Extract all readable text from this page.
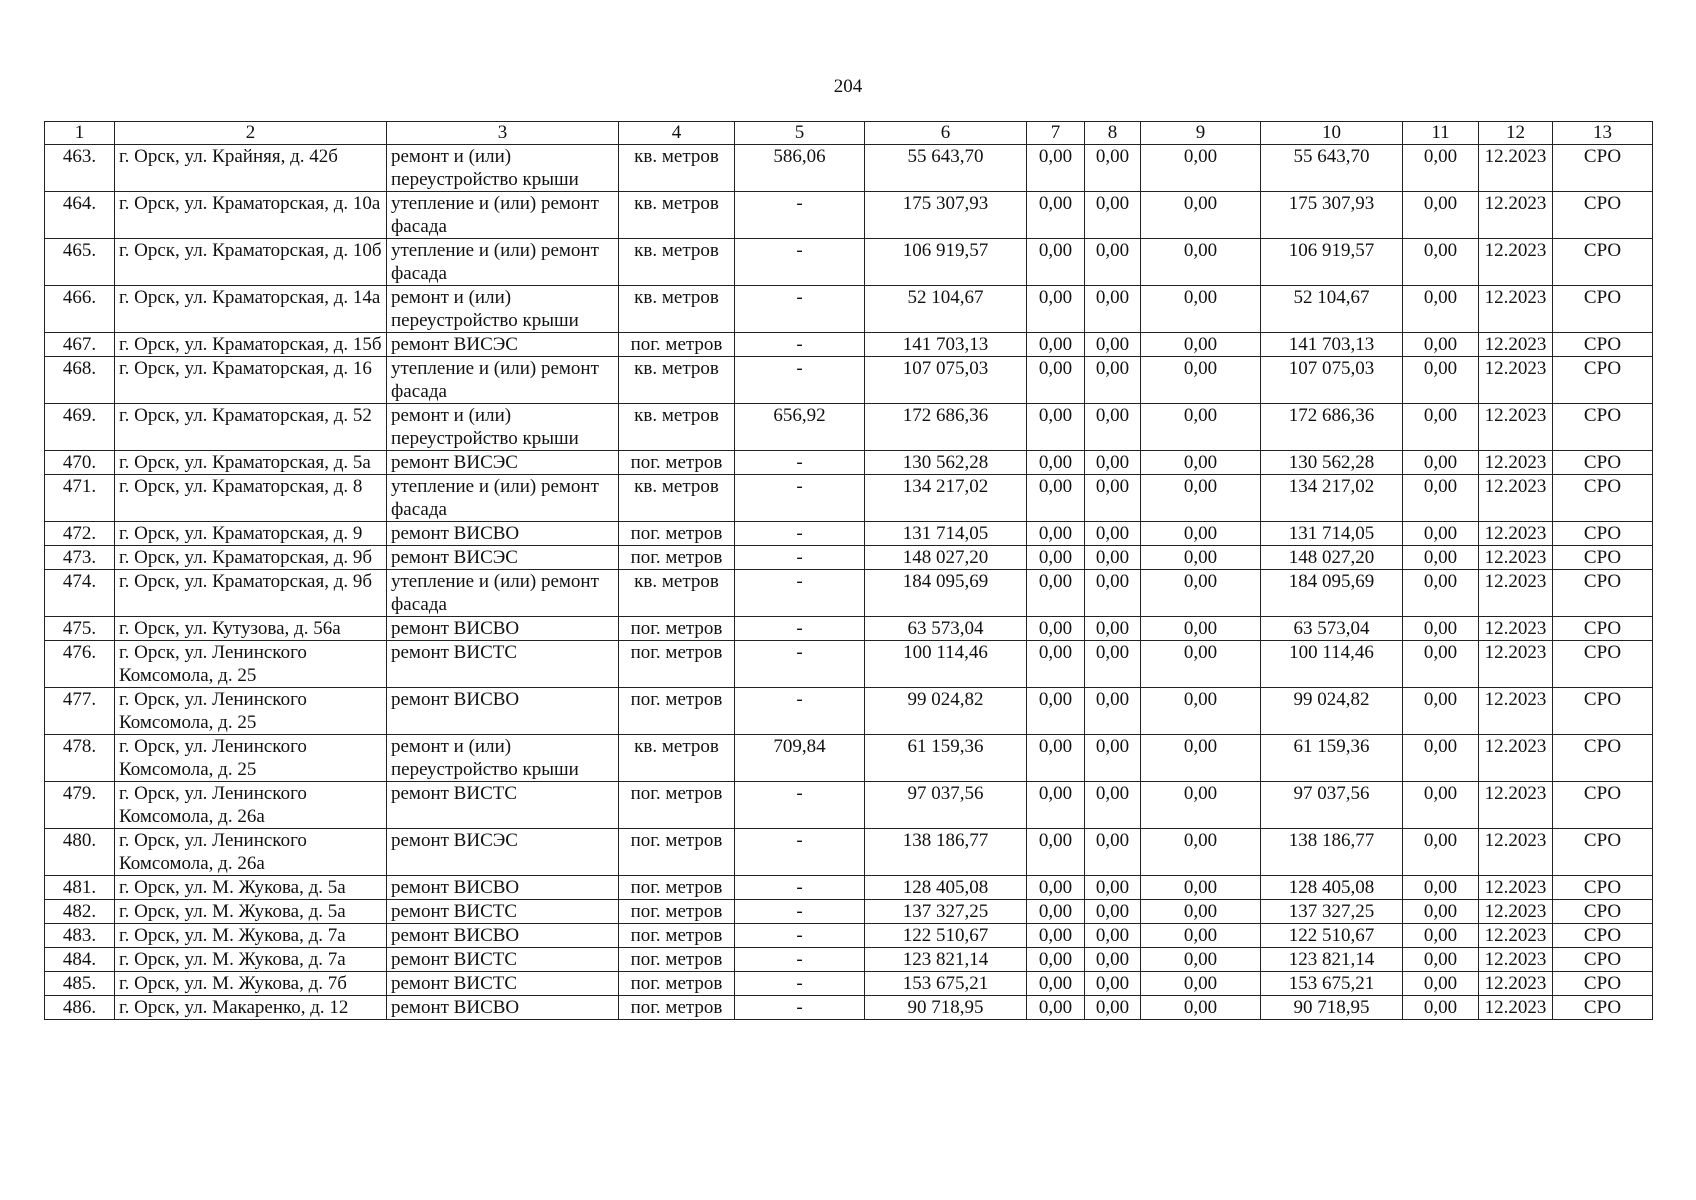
204
1	2	3	4	5	6	7	8	9	10	11	12	13
463.	г. Орск, ул. Крайняя, д. 42б	ремонт и (или) переустройство крыши	кв. метров	586,06	55 643,70	0,00	0,00	0,00	55 643,70	0,00	12.2023	СРО
464.	г. Орск, ул. Краматорская, д. 10а	утепление и (или) ремонт фасада	кв. метров	-	175 307,93	0,00	0,00	0,00	175 307,93	0,00	12.2023	СРО
465.	г. Орск, ул. Краматорская, д. 10б	утепление и (или) ремонт фасада	кв. метров	-	106 919,57	0,00	0,00	0,00	106 919,57	0,00	12.2023	СРО
466.	г. Орск, ул. Краматорская, д. 14а	ремонт и (или) переустройство крыши	кв. метров	-	52 104,67	0,00	0,00	0,00	52 104,67	0,00	12.2023	СРО
467.	г. Орск, ул. Краматорская, д. 15б	ремонт ВИСЭС	пог. метров	-	141 703,13	0,00	0,00	0,00	141 703,13	0,00	12.2023	СРО
468.	г. Орск, ул. Краматорская, д. 16	утепление и (или) ремонт фасада	кв. метров	-	107 075,03	0,00	0,00	0,00	107 075,03	0,00	12.2023	СРО
469.	г. Орск, ул. Краматорская, д. 52	ремонт и (или) переустройство крыши	кв. метров	656,92	172 686,36	0,00	0,00	0,00	172 686,36	0,00	12.2023	СРО
470.	г. Орск, ул. Краматорская, д. 5а	ремонт ВИСЭС	пог. метров	-	130 562,28	0,00	0,00	0,00	130 562,28	0,00	12.2023	СРО
471.	г. Орск, ул. Краматорская, д. 8	утепление и (или) ремонт фасада	кв. метров	-	134 217,02	0,00	0,00	0,00	134 217,02	0,00	12.2023	СРО
472.	г. Орск, ул. Краматорская, д. 9	ремонт ВИСВО	пог. метров	-	131 714,05	0,00	0,00	0,00	131 714,05	0,00	12.2023	СРО
473.	г. Орск, ул. Краматорская, д. 9б	ремонт ВИСЭС	пог. метров	-	148 027,20	0,00	0,00	0,00	148 027,20	0,00	12.2023	СРО
474.	г. Орск, ул. Краматорская, д. 9б	утепление и (или) ремонт фасада	кв. метров	-	184 095,69	0,00	0,00	0,00	184 095,69	0,00	12.2023	СРО
475.	г. Орск, ул. Кутузова, д. 56а	ремонт ВИСВО	пог. метров	-	63 573,04	0,00	0,00	0,00	63 573,04	0,00	12.2023	СРО
476.	г. Орск, ул. Ленинского Комсомола, д. 25	ремонт ВИСТС	пог. метров	-	100 114,46	0,00	0,00	0,00	100 114,46	0,00	12.2023	СРО
477.	г. Орск, ул. Ленинского Комсомола, д. 25	ремонт ВИСВО	пог. метров	-	99 024,82	0,00	0,00	0,00	99 024,82	0,00	12.2023	СРО
478.	г. Орск, ул. Ленинского Комсомола, д. 25	ремонт и (или) переустройство крыши	кв. метров	709,84	61 159,36	0,00	0,00	0,00	61 159,36	0,00	12.2023	СРО
479.	г. Орск, ул. Ленинского Комсомола, д. 26а	ремонт ВИСТС	пог. метров	-	97 037,56	0,00	0,00	0,00	97 037,56	0,00	12.2023	СРО
480.	г. Орск, ул. Ленинского Комсомола, д. 26а	ремонт ВИСЭС	пог. метров	-	138 186,77	0,00	0,00	0,00	138 186,77	0,00	12.2023	СРО
481.	г. Орск, ул. М. Жукова, д. 5а	ремонт ВИСВО	пог. метров	-	128 405,08	0,00	0,00	0,00	128 405,08	0,00	12.2023	СРО
482.	г. Орск, ул. М. Жукова, д. 5а	ремонт ВИСТС	пог. метров	-	137 327,25	0,00	0,00	0,00	137 327,25	0,00	12.2023	СРО
483.	г. Орск, ул. М. Жукова, д. 7а	ремонт ВИСВО	пог. метров	-	122 510,67	0,00	0,00	0,00	122 510,67	0,00	12.2023	СРО
484.	г. Орск, ул. М. Жукова, д. 7а	ремонт ВИСТС	пог. метров	-	123 821,14	0,00	0,00	0,00	123 821,14	0,00	12.2023	СРО
485.	г. Орск, ул. М. Жукова, д. 7б	ремонт ВИСТС	пог. метров	-	153 675,21	0,00	0,00	0,00	153 675,21	0,00	12.2023	СРО
486.	г. Орск, ул. Макаренко, д. 12	ремонт ВИСВО	пог. метров	-	90 718,95	0,00	0,00	0,00	90 718,95	0,00	12.2023	СРО
